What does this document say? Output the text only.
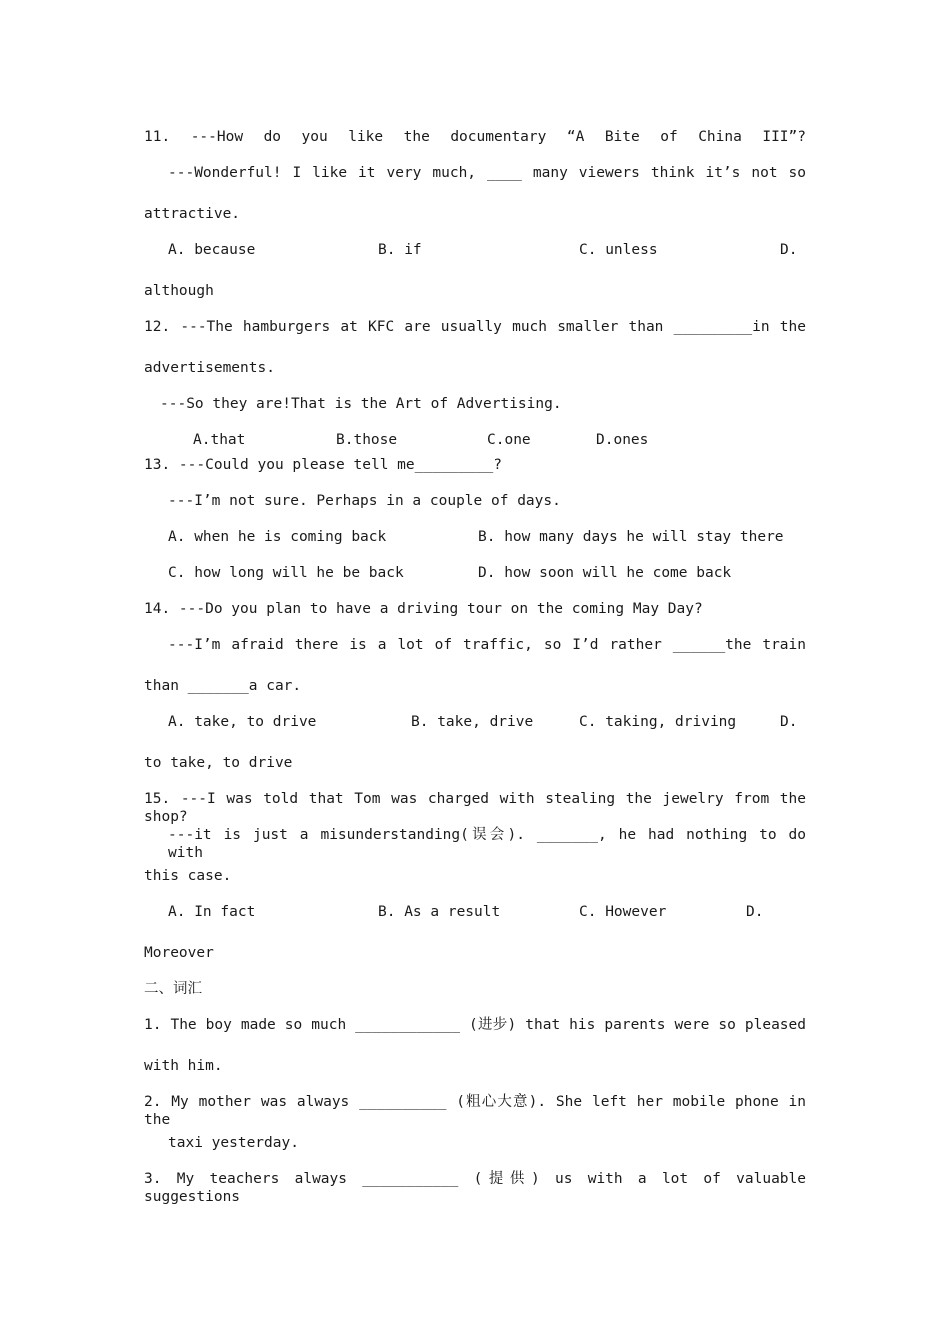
11. ---How do you like the documentary “A Bite of China III”?
---Wonderful! I like it very much, ____ many viewers think it’s not so
attractive.
A. because	B. if	C. unless	D.
although
12. ---The hamburgers at KFC are usually much smaller than _________in the
advertisements.
---So they are!That is the Art of Advertising.
A.that	B.those	C.one	D.ones
13. ---Could you please tell me_________?
---I’m not sure. Perhaps in a couple of days.
A. when he is coming back	B. how many days he will stay there
C. how long will he be back	D. how soon will he come back
14. ---Do you plan to have a driving tour on the coming May Day?
---I’m afraid there is a lot of traffic, so I’d rather ______the train
than _______a car.
A. take, to drive	B. take, drive	C. taking, driving	D.
to take, to drive
15. ---I was told that Tom was charged with stealing the jewelry from the shop?
---it is just a misunderstanding(误会). _______, he had nothing to do with
this case.
A. In fact	B. As a result	C. However	D.
Moreover
二、词汇
1. The boy made so much ____________ (进步) that his parents were so pleased
with him.
2. My mother was always __________ (粗心大意). She left her mobile phone in the
taxi yesterday.
3. My teachers always ___________ (提供) us with a lot of valuable suggestions
